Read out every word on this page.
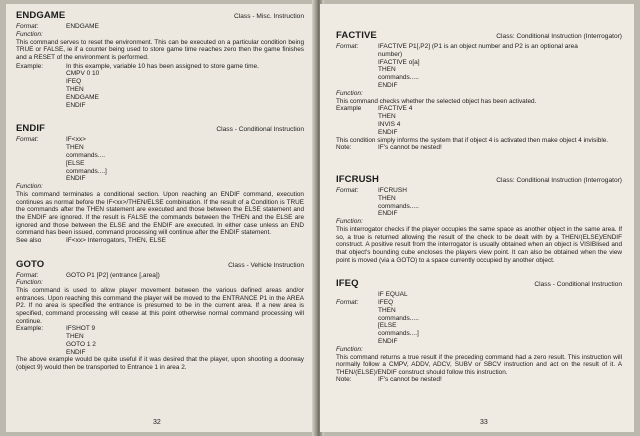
ENDGAME	Class - Misc. Instruction
Format:	ENDGAME
Function:
This command serves to reset the environment. This can be executed on a particular condition being TRUE or FALSE, ie if a counter being used to store game time reaches zero then the game finishes and a RESET of the environment is performed.
Example:	In this example, variable 10 has been assigned to store game time.
CMPV 0 10
IFEQ
THEN
ENDGAME
ENDIF
ENDIF	Class - Conditional Instruction
Format:	IF<xx>
THEN
commands....
[ELSE
commands....]
ENDIF
Function:
This command terminates a conditional section. Upon reaching an ENDIF command, execution continues as normal before the IF<xx>/THEN/ELSE combination. If the result of a Condition is TRUE the commands after the THEN statement are executed and those between the ELSE statement and the ENDIF are ignored. If the result is FALSE the commands between the THEN and the ELSE are ignored and those between the ELSE and the ENDIF are executed. In either case unless an END command has been issued, command processing will continue after the ENDIF statement.
See also	IF<xx> Interrogators, THEN, ELSE
GOTO	Class - Vehicle Instruction
Format:	GOTO P1 [P2] (entrance [,area])
Function:
This command is used to allow player movement between the various defined areas and/or entrances. Upon reaching this command the player will be moved to the ENTRANCE P1 in the AREA P2. If no area is specified the entrance is presumed to be in the current area. If a new area is specified, command processing will cease at this point otherwise normal command processing will continue.
Example:	IFSHOT 9
THEN
GOTO 1 2
ENDIF
The above example would be quite useful if it was desired that the player, upon shooting a doorway (object 9) would then be transported to Entrance 1 in area 2.
32
FACTIVE	Class: Conditional Instruction (Interrogator)
Format:	IFACTIVE P1[,P2] (P1 is an object number and P2 is an optional area
number)
IFACTIVE o[a]
THEN
commands.....
ENDIF
Function:
This command checks whether the selected object has been activated.
Example	IFACTIVE 4
THEN
INVIS 4
ENDIF
This condition simply informs the system that if object 4 is activated then make object 4 invisible.
Note:	IF's cannot be nested!
IFCRUSH	Class: Conditional Instruction (Interrogator)
Format:	IFCRUSH
THEN
commands.....
ENDIF
Function:
This interrogator checks if the player occupies the same space as another object in the same area. If so, a true is returned allowing the result of the check to be dealt with by a THEN/(ELSE)/ENDIF construct. A positive result from the interrogator is usually obtained when an object is VISIBlised and that object's bounding cube encloses the players view point. It can also be obtained when the view point is moved (via a GOTO) to a space currently occupied by another object.
IFEQ	Class - Conditional Instruction
IF EQUAL
Format:	IFEQ
THEN
commands.....
[ELSE
commands....]
ENDIF
Function:
This command returns a true result if the preceding command had a zero result. This instruction will normally follow a CMPV, ADDV, ADCV, SUBV or SBCV instruction and act on the result of it. A THEN/(ELSE)/ENDIF construct should follow this instruction.
Note:	IF's cannot be nested!
33
